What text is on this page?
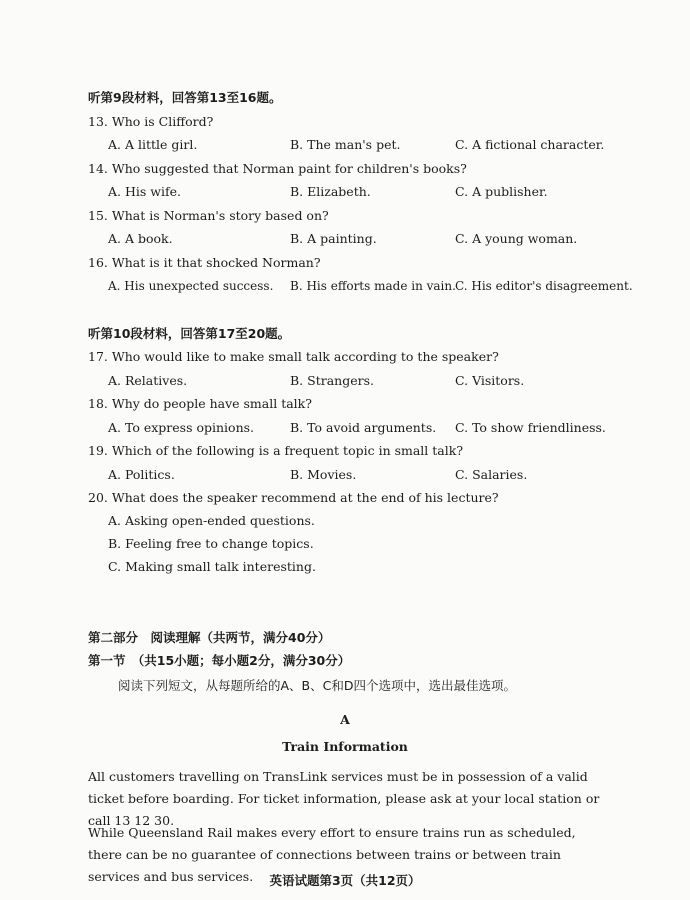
听第9段材料，回答第13至16题。
13. Who is Clifford?
A. A little girl.	B. The man's pet.	C. A fictional character.
14. Who suggested that Norman paint for children's books?
A. His wife.	B. Elizabeth.	C. A publisher.
15. What is Norman's story based on?
A. A book.	B. A painting.	C. A young woman.
16. What is it that shocked Norman?
A. His unexpected success. B. His efforts made in vain. C. His editor's disagreement.
听第10段材料，回答第17至20题。
17. Who would like to make small talk according to the speaker?
A. Relatives.	B. Strangers.	C. Visitors.
18. Why do people have small talk?
A. To express opinions.	B. To avoid arguments. C. To show friendliness.
19. Which of the following is a frequent topic in small talk?
A. Politics.	B. Movies.	C. Salaries.
20. What does the speaker recommend at the end of his lecture?
A. Asking open-ended questions.
B. Feeling free to change topics.
C. Making small talk interesting.
第二部分　阅读理解（共两节，满分40分）
第一节　（共15小题；每小题2分，满分30分）
阅读下列短文，从每题所给的A、B、C和D四个选项中，选出最佳选项。
A
Train Information
All customers travelling on TransLink services must be in possession of a valid ticket before boarding. For ticket information, please ask at your local station or call 13 12 30.
While Queensland Rail makes every effort to ensure trains run as scheduled, there can be no guarantee of connections between trains or between train services and bus services.	英语试题第3页（共12页）
